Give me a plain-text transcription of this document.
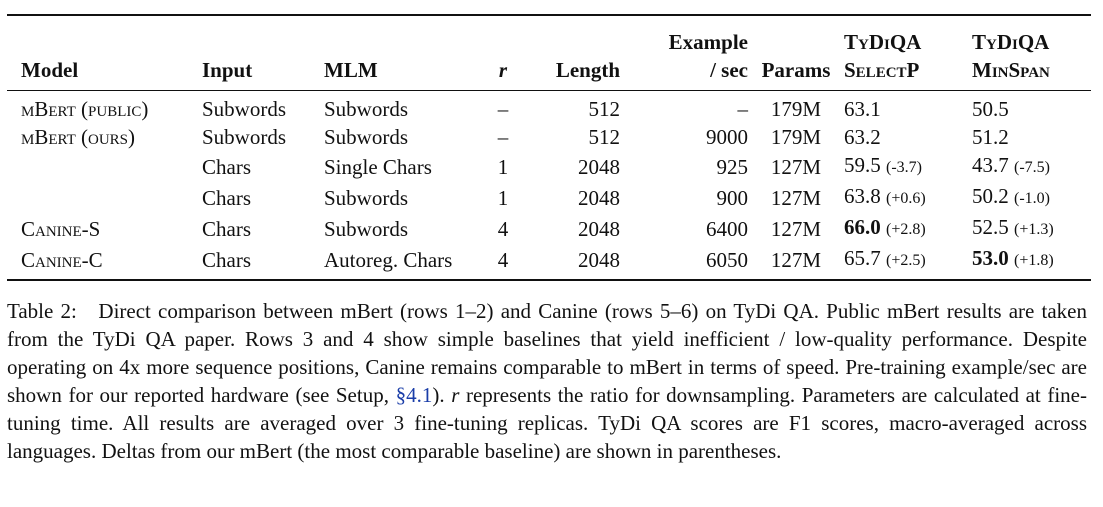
					Example		TyDiQA	TyDiQA
Model	Input	MLM	r	Length	/ sec	Params	SelectP	MinSpan
mBert (public)	Subwords	Subwords	–	512	–	179M	63.1	50.5
mBert (ours)	Subwords	Subwords	–	512	9000	179M	63.2	51.2
	Chars	Single Chars	1	2048	925	127M	59.5 (-3.7)	43.7 (-7.5)
	Chars	Subwords	1	2048	900	127M	63.8 (+0.6)	50.2 (-1.0)
Canine-S	Chars	Subwords	4	2048	6400	127M	66.0 (+2.8)	52.5 (+1.3)
Canine-C	Chars	Autoreg. Chars	4	2048	6050	127M	65.7 (+2.5)	53.0 (+1.8)
Table 2: Direct comparison between mBert (rows 1–2) and Canine (rows 5–6) on TyDi QA. Public mBert results are taken from the TyDi QA paper. Rows 3 and 4 show simple baselines that yield inefficient / low-quality performance. Despite operating on 4x more sequence positions, Canine remains comparable to mBert in terms of speed. Pre-training example/sec are shown for our reported hardware (see Setup, §4.1). r represents the ratio for downsampling. Parameters are calculated at fine-tuning time. All results are averaged over 3 fine-tuning replicas. TyDi QA scores are F1 scores, macro-averaged across languages. Deltas from our mBert (the most comparable baseline) are shown in parentheses.
